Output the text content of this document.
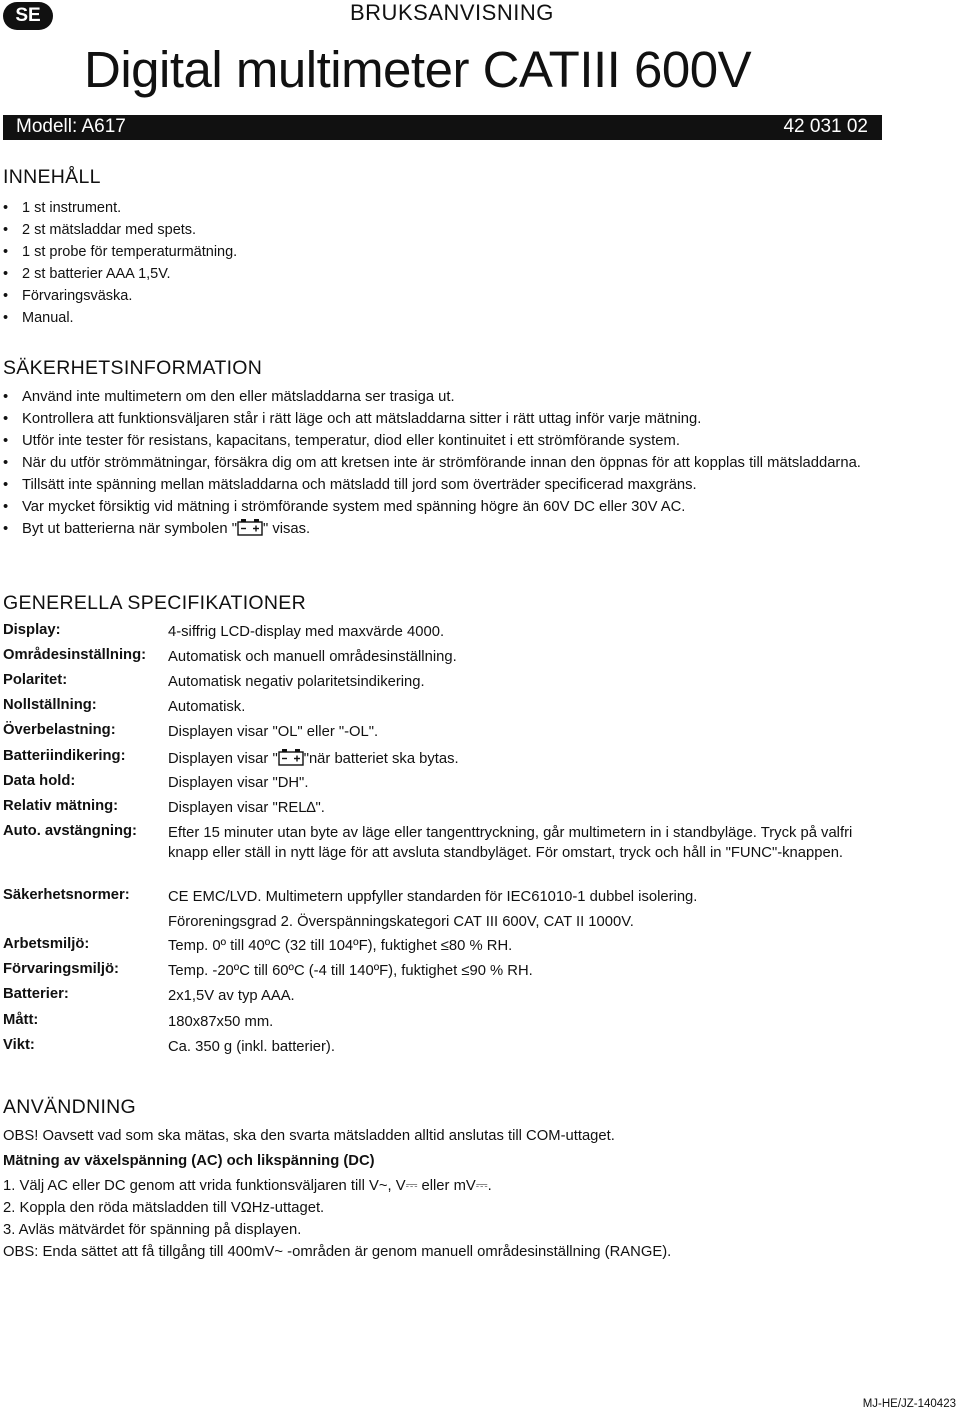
SE	BRUKSANVISNING
Digital multimeter CATIII 600V
Modell: A617	42 031 02
INNEHÅLL
• 1 st instrument.
• 2 st mätsladdar med spets.
• 1 st probe för temperaturmätning.
• 2 st batterier AAA 1,5V.
• Förvaringsväska.
• Manual.
SÄKERHETSINFORMATION
• Använd inte multimetern om den eller mätsladdarna ser trasiga ut.
• Kontrollera att funktionsväljaren står i rätt läge och att mätsladdarna sitter i rätt uttag inför varje mätning.
• Utför inte tester för resistans, kapacitans, temperatur, diod eller kontinuitet i ett strömförande system.
• När du utför strömmätningar, försäkra dig om att kretsen inte är strömförande innan den öppnas för att kopplas till mätsladdarna.
• Tillsätt inte spänning mellan mätsladdarna och mätsladd till jord som överträder specificerad maxgräns.
• Var mycket försiktig vid mätning i strömförande system med spänning högre än 60V DC eller 30V AC.
• Byt ut batterierna när symbolen " " visas.
GENERELLA SPECIFIKATIONER
Display:	4-siffrig LCD-display med maxvärde 4000.
Områdesinställning: Automatisk och manuell områdesinställning.
Polaritet:	Automatisk negativ polaritetsindikering.
Nollställning:	Automatisk.
Överbelastning:	Displayen visar "OL" eller "-OL".
Batteriindikering:	Displayen visar " "när batteriet ska bytas.
Data hold:	Displayen visar "DH".
Relativ mätning:	Displayen visar "REL∆".
Auto. avstängning: Efter 15 minuter utan byte av läge eller tangenttryckning, går multimetern in i standbyläge. Tryck på valfri knapp eller ställ in nytt läge för att avsluta standbyläget. För omstart, tryck och håll in "FUNC"-knappen.
Säkerhetsnormer:	CE EMC/LVD. Multimetern uppfyller standarden för IEC61010-1 dubbel isolering.
Föroreningsgrad 2. Överspänningskategori CAT III 600V, CAT II 1000V.
Arbetsmiljö:	Temp. 0º till 40ºC (32 till 104ºF), fuktighet ≤80 % RH.
Förvaringsmiljö:	Temp. -20ºC till 60ºC (-4 till 140ºF), fuktighet ≤90 % RH.
Batterier:	2x1,5V av typ AAA.
Mått:	180x87x50 mm.
Vikt:	Ca. 350 g (inkl. batterier).
ANVÄNDNING
OBS! Oavsett vad som ska mätas, ska den svarta mätsladden alltid anslutas till COM-uttaget.
Mätning av växelspänning (AC) och likspänning (DC)
1. Välj AC eller DC genom att vrida funktionsväljaren till V~, V⎓ eller mV⎓.
2. Koppla den röda mätsladden till VΩHz-uttaget.
3. Avläs mätvärdet för spänning på displayen.
OBS: Enda sättet att få tillgång till 400mV~ -områden är genom manuell områdesinställning (RANGE).
MJ-HE/JZ-140423
